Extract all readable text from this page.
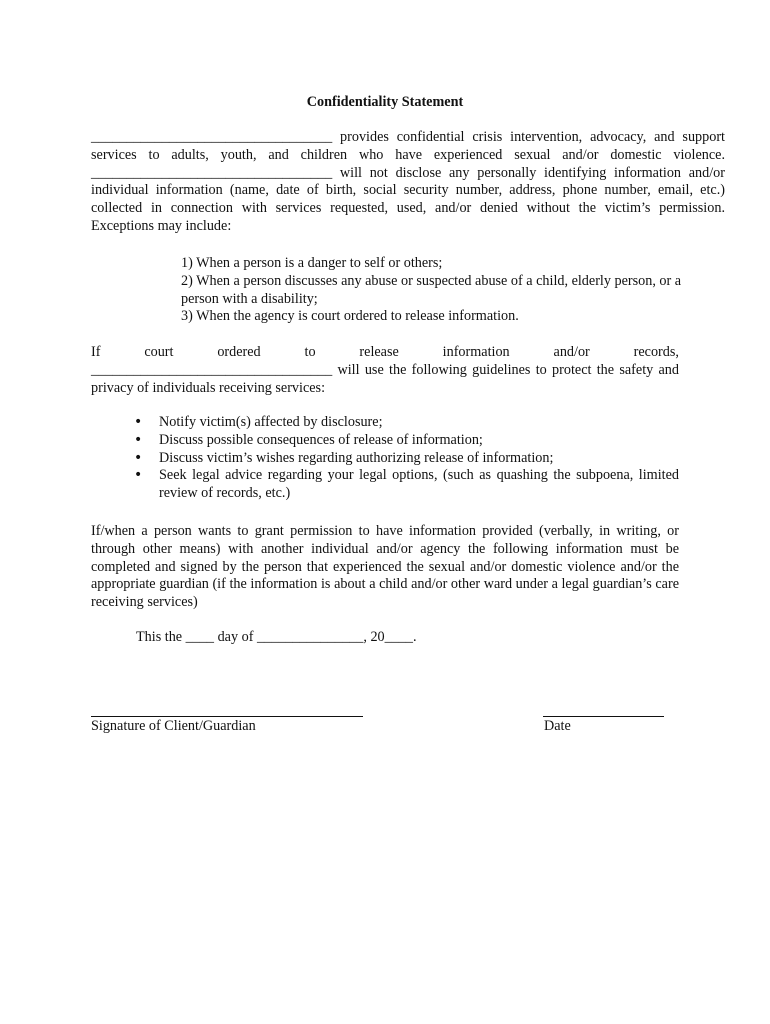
Confidentiality Statement

__________________________________ provides confidential crisis intervention, advocacy, and support services to adults, youth, and children who have experienced sexual and/or domestic violence. __________________________________ will not disclose any personally identifying information and/or individual information (name, date of birth, social security number, address, phone number, email, etc.) collected in connection with services requested, used, and/or denied without the victim’s permission. Exceptions may include:

1) When a person is a danger to self or others;
2) When a person discusses any abuse or suspected abuse of a child, elderly person, or a person with a disability;
3) When the agency is court ordered to release information.
If	court	ordered	to	release	information	and/or	records,
__________________________________ will use the following guidelines to protect the safety and privacy of individuals receiving services:
• Notify victim(s) affected by disclosure;
• Discuss possible consequences of release of information;
• Discuss victim’s wishes regarding authorizing release of information;
• Seek legal advice regarding your legal options, (such as quashing the subpoena, limited review of records, etc.)

If/when a person wants to grant permission to have information provided (verbally, in writing, or through other means) with another individual and/or agency the following information must be completed and signed by the person that experienced the sexual and/or domestic violence and/or the appropriate guardian (if the information is about a child and/or other ward under a legal guardian’s care receiving services)

This the ____ day of _______________, 20____.
Signature of Client/Guardian	Date
